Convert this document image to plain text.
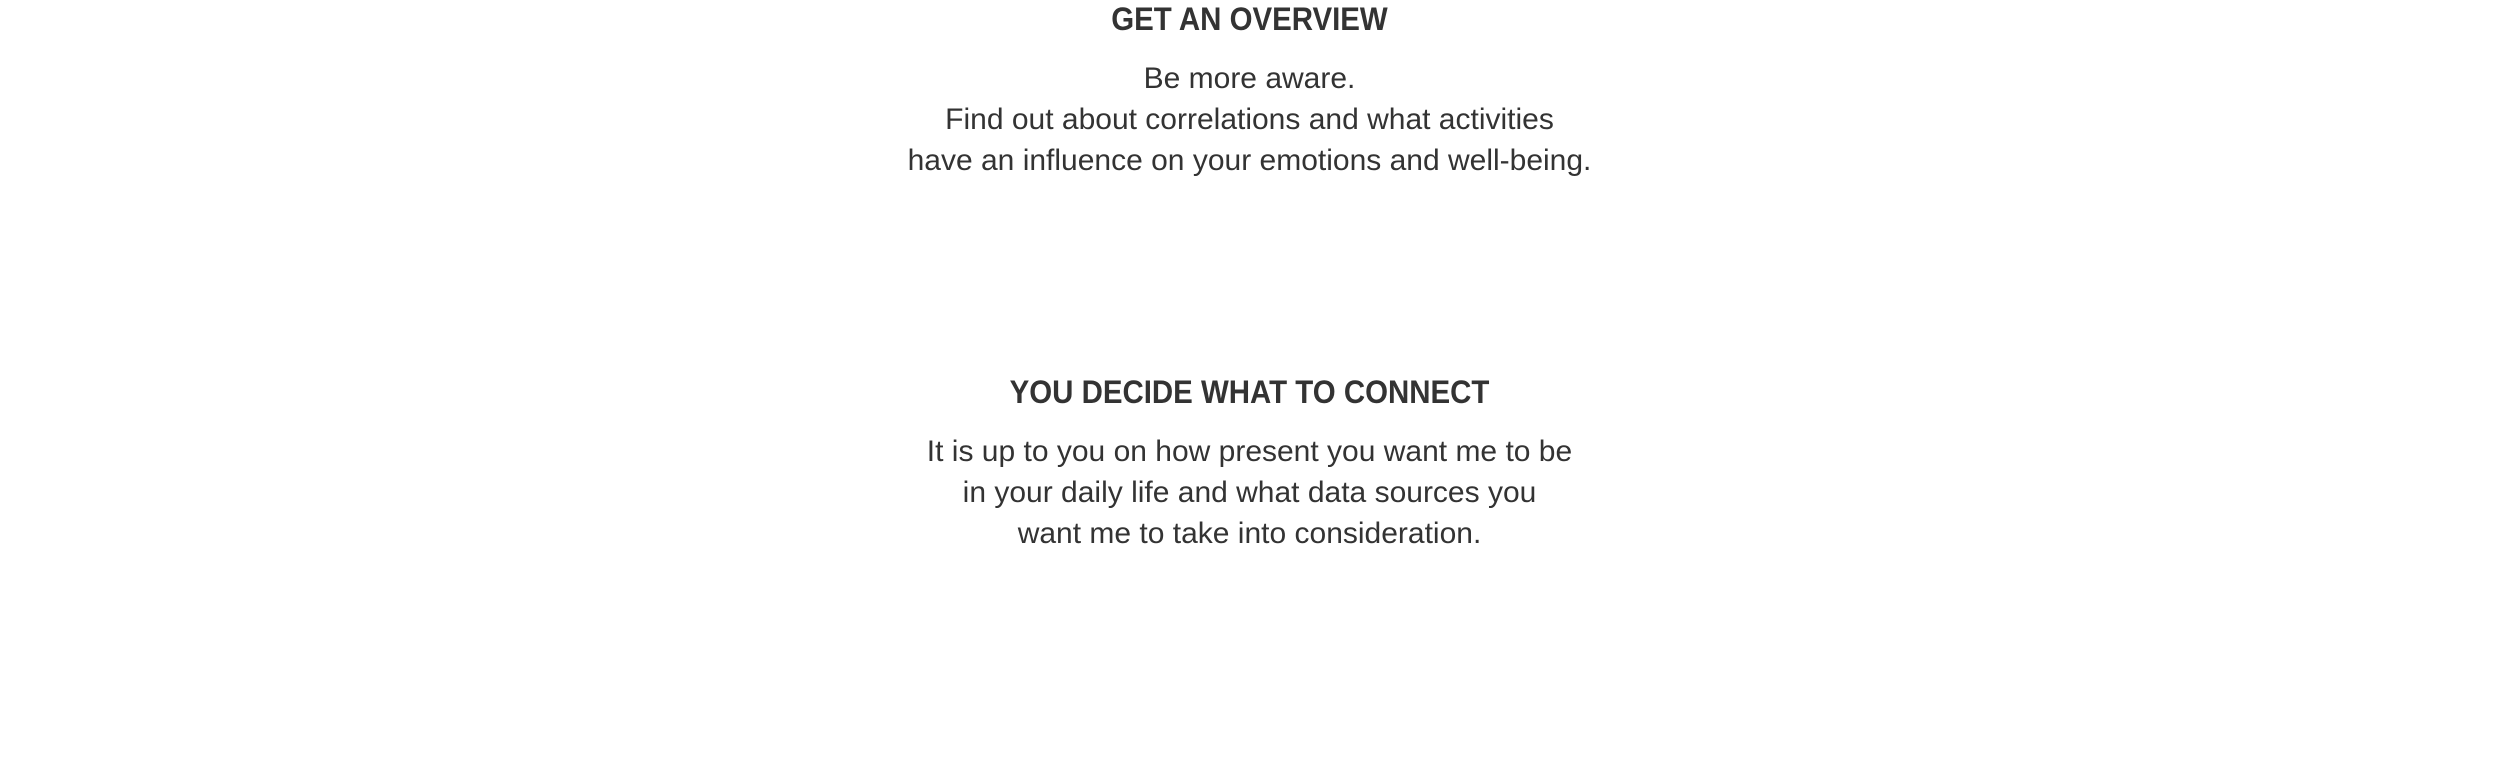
GET AN OVERVIEW

Be more aware.
Find out about correlations and what activities
have an influence on your emotions and well-being.

YOU DECIDE WHAT TO CONNECT

It is up to you on how present you want me to be
in your daily life and what data sources you
want me to take into consideration.
